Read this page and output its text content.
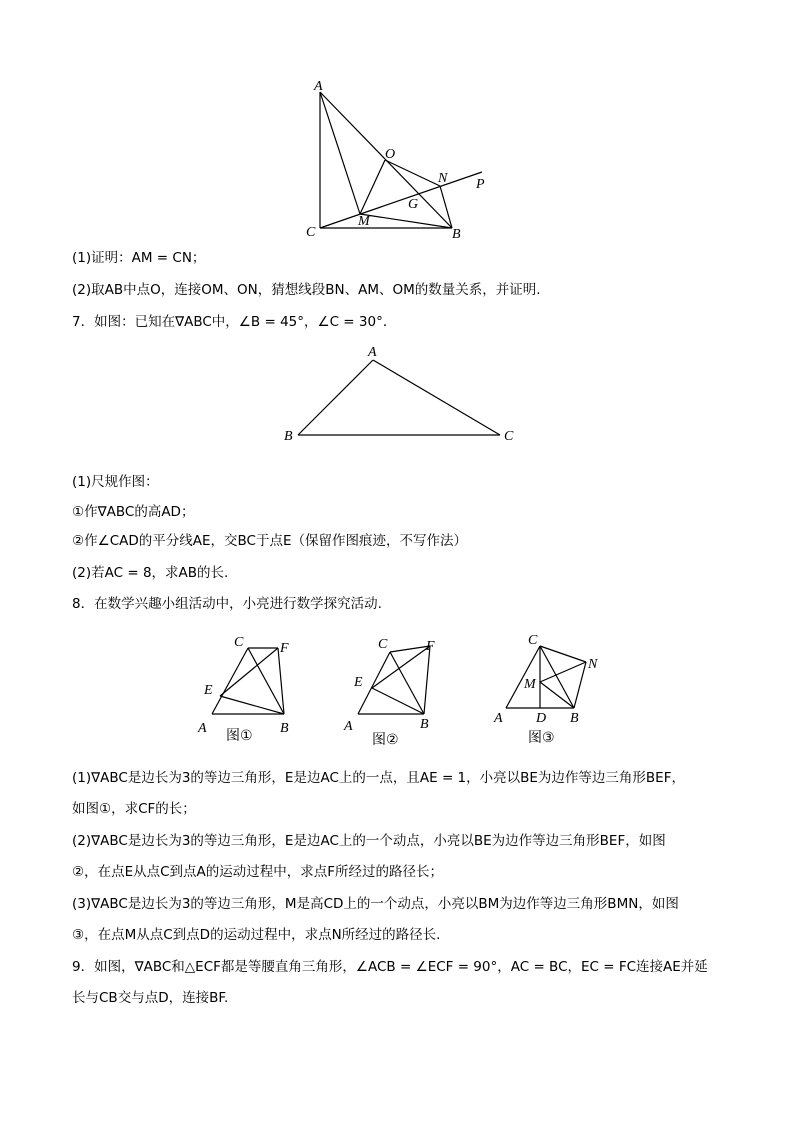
A
O
N P
G
M
C	B
(1)证明：AM = CN；
(2)取AB中点O，连接OM、ON，猜想线段BN、AM、OM的数量关系，并证明.
7．如图：已知在∇ABC中，∠B = 45°，∠C = 30°．
A
B	C
(1)尺规作图：
①作∇ABC的高AD；
②作∠CAD的平分线AE，交BC于点E（保留作图痕迹，不写作法）
(2)若AC = 8，求AB的长.
8．在数学兴趣小组活动中，小亮进行数学探究活动.
C	F
E
A	B
图①
C	F
E
A	B
图②
C
N
M
A D B
图③
(1)∇ABC是边长为3的等边三角形，E是边AC上的一点，且AE = 1，小亮以BE为边作等边三角形BEF，
如图①，求CF的长；
(2)∇ABC是边长为3的等边三角形，E是边AC上的一个动点，小亮以BE为边作等边三角形BEF，如图
②，在点E从点C到点A的运动过程中，求点F所经过的路径长；
(3)∇ABC是边长为3的等边三角形，M是高CD上的一个动点，小亮以BM为边作等边三角形BMN，如图
③，在点M从点C到点D的运动过程中，求点N所经过的路径长.
9．如图，∇ABC和△ECF都是等腰直角三角形，∠ACB = ∠ECF = 90°，AC = BC，EC = FC连接AE并延
长与CB交与点D，连接BF.
